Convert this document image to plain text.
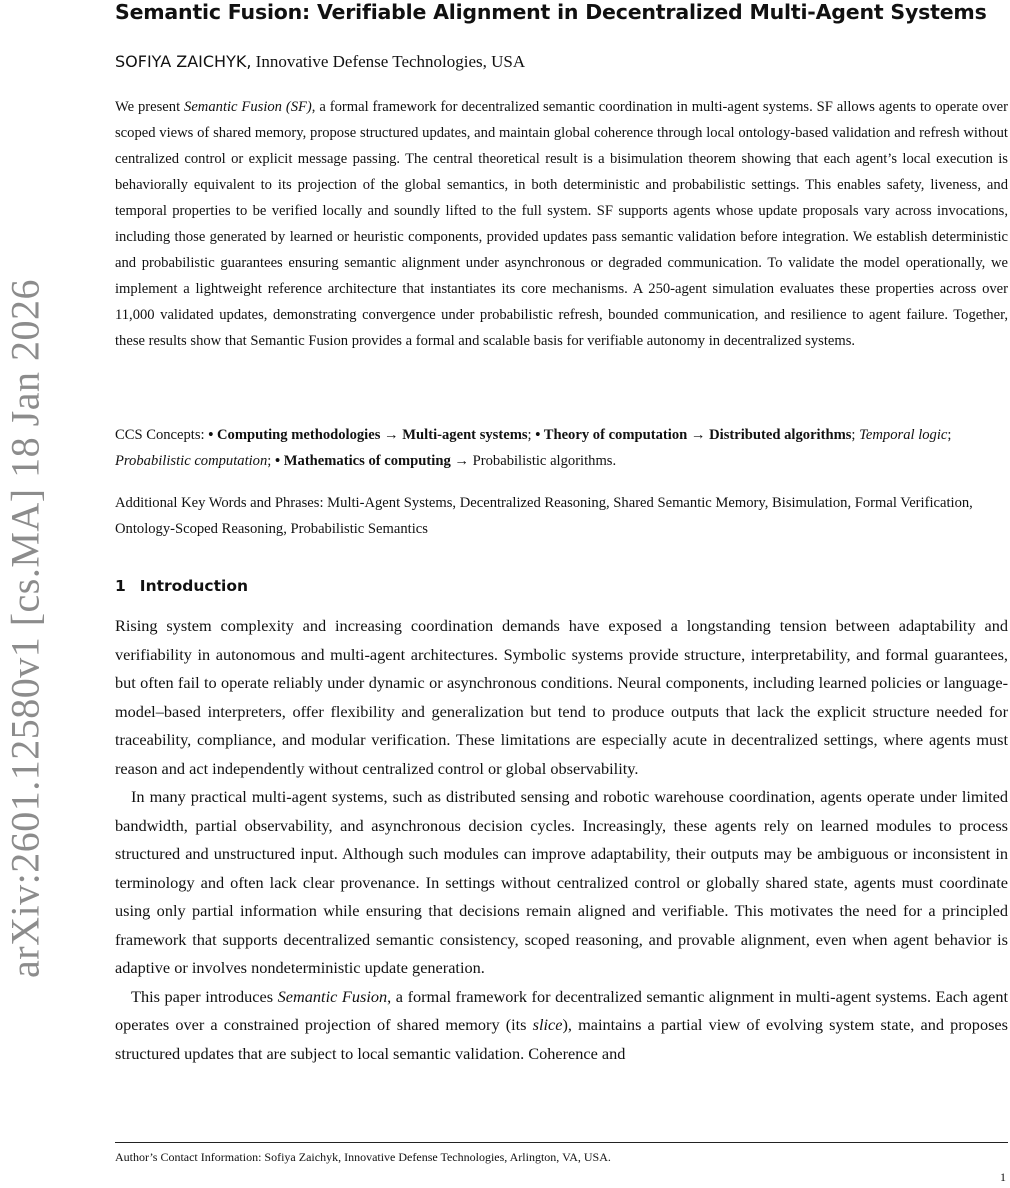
arXiv:2601.12580v1 [cs.MA] 18 Jan 2026
Semantic Fusion: Verifiable Alignment in Decentralized Multi-Agent Systems
SOFIYA ZAICHYK, Innovative Defense Technologies, USA
We present Semantic Fusion (SF), a formal framework for decentralized semantic coordination in multi-agent systems. SF allows agents to operate over scoped views of shared memory, propose structured updates, and maintain global coherence through local ontology-based validation and refresh without centralized control or explicit message passing. The central theoretical result is a bisimulation theorem showing that each agent’s local execution is behaviorally equivalent to its projection of the global semantics, in both deterministic and probabilistic settings. This enables safety, liveness, and temporal properties to be verified locally and soundly lifted to the full system. SF supports agents whose update proposals vary across invocations, including those generated by learned or heuristic components, provided updates pass semantic validation before integration. We establish deterministic and probabilistic guarantees ensuring semantic alignment under asynchronous or degraded communication. To validate the model operationally, we implement a lightweight reference architecture that instantiates its core mechanisms. A 250-agent simulation evaluates these properties across over 11,000 validated updates, demonstrating convergence under probabilistic refresh, bounded communication, and resilience to agent failure. Together, these results show that Semantic Fusion provides a formal and scalable basis for verifiable autonomy in decentralized systems.
CCS Concepts: • Computing methodologies → Multi-agent systems; • Theory of computation → Distributed algorithms; Temporal logic; Probabilistic computation; • Mathematics of computing → Probabilistic algorithms.
Additional Key Words and Phrases: Multi-Agent Systems, Decentralized Reasoning, Shared Semantic Memory, Bisimulation, Formal Verification, Ontology-Scoped Reasoning, Probabilistic Semantics
1 Introduction

Rising system complexity and increasing coordination demands have exposed a longstanding tension between adaptability and verifiability in autonomous and multi-agent architectures. Symbolic systems provide structure, interpretability, and formal guarantees, but often fail to operate reliably under dynamic or asynchronous conditions. Neural components, including learned policies or language-model–based interpreters, offer flexibility and generalization but tend to produce outputs that lack the explicit structure needed for traceability, compliance, and modular verification. These limitations are especially acute in decentralized settings, where agents must reason and act independently without centralized control or global observability.

In many practical multi-agent systems, such as distributed sensing and robotic warehouse coordination, agents operate under limited bandwidth, partial observability, and asynchronous decision cycles. Increasingly, these agents rely on learned modules to process structured and unstructured input. Although such modules can improve adaptability, their outputs may be ambiguous or inconsistent in terminology and often lack clear provenance. In settings without centralized control or globally shared state, agents must coordinate using only partial information while ensuring that decisions remain aligned and verifiable. This motivates the need for a principled framework that supports decentralized semantic consistency, scoped reasoning, and provable alignment, even when agent behavior is adaptive or involves nondeterministic update generation.

This paper introduces Semantic Fusion, a formal framework for decentralized semantic alignment in multi-agent systems. Each agent operates over a constrained projection of shared memory (its slice), maintains a partial view of evolving system state, and proposes structured updates that are subject to local semantic validation. Coherence and

Author’s Contact Information: Sofiya Zaichyk, Innovative Defense Technologies, Arlington, VA, USA.
1
